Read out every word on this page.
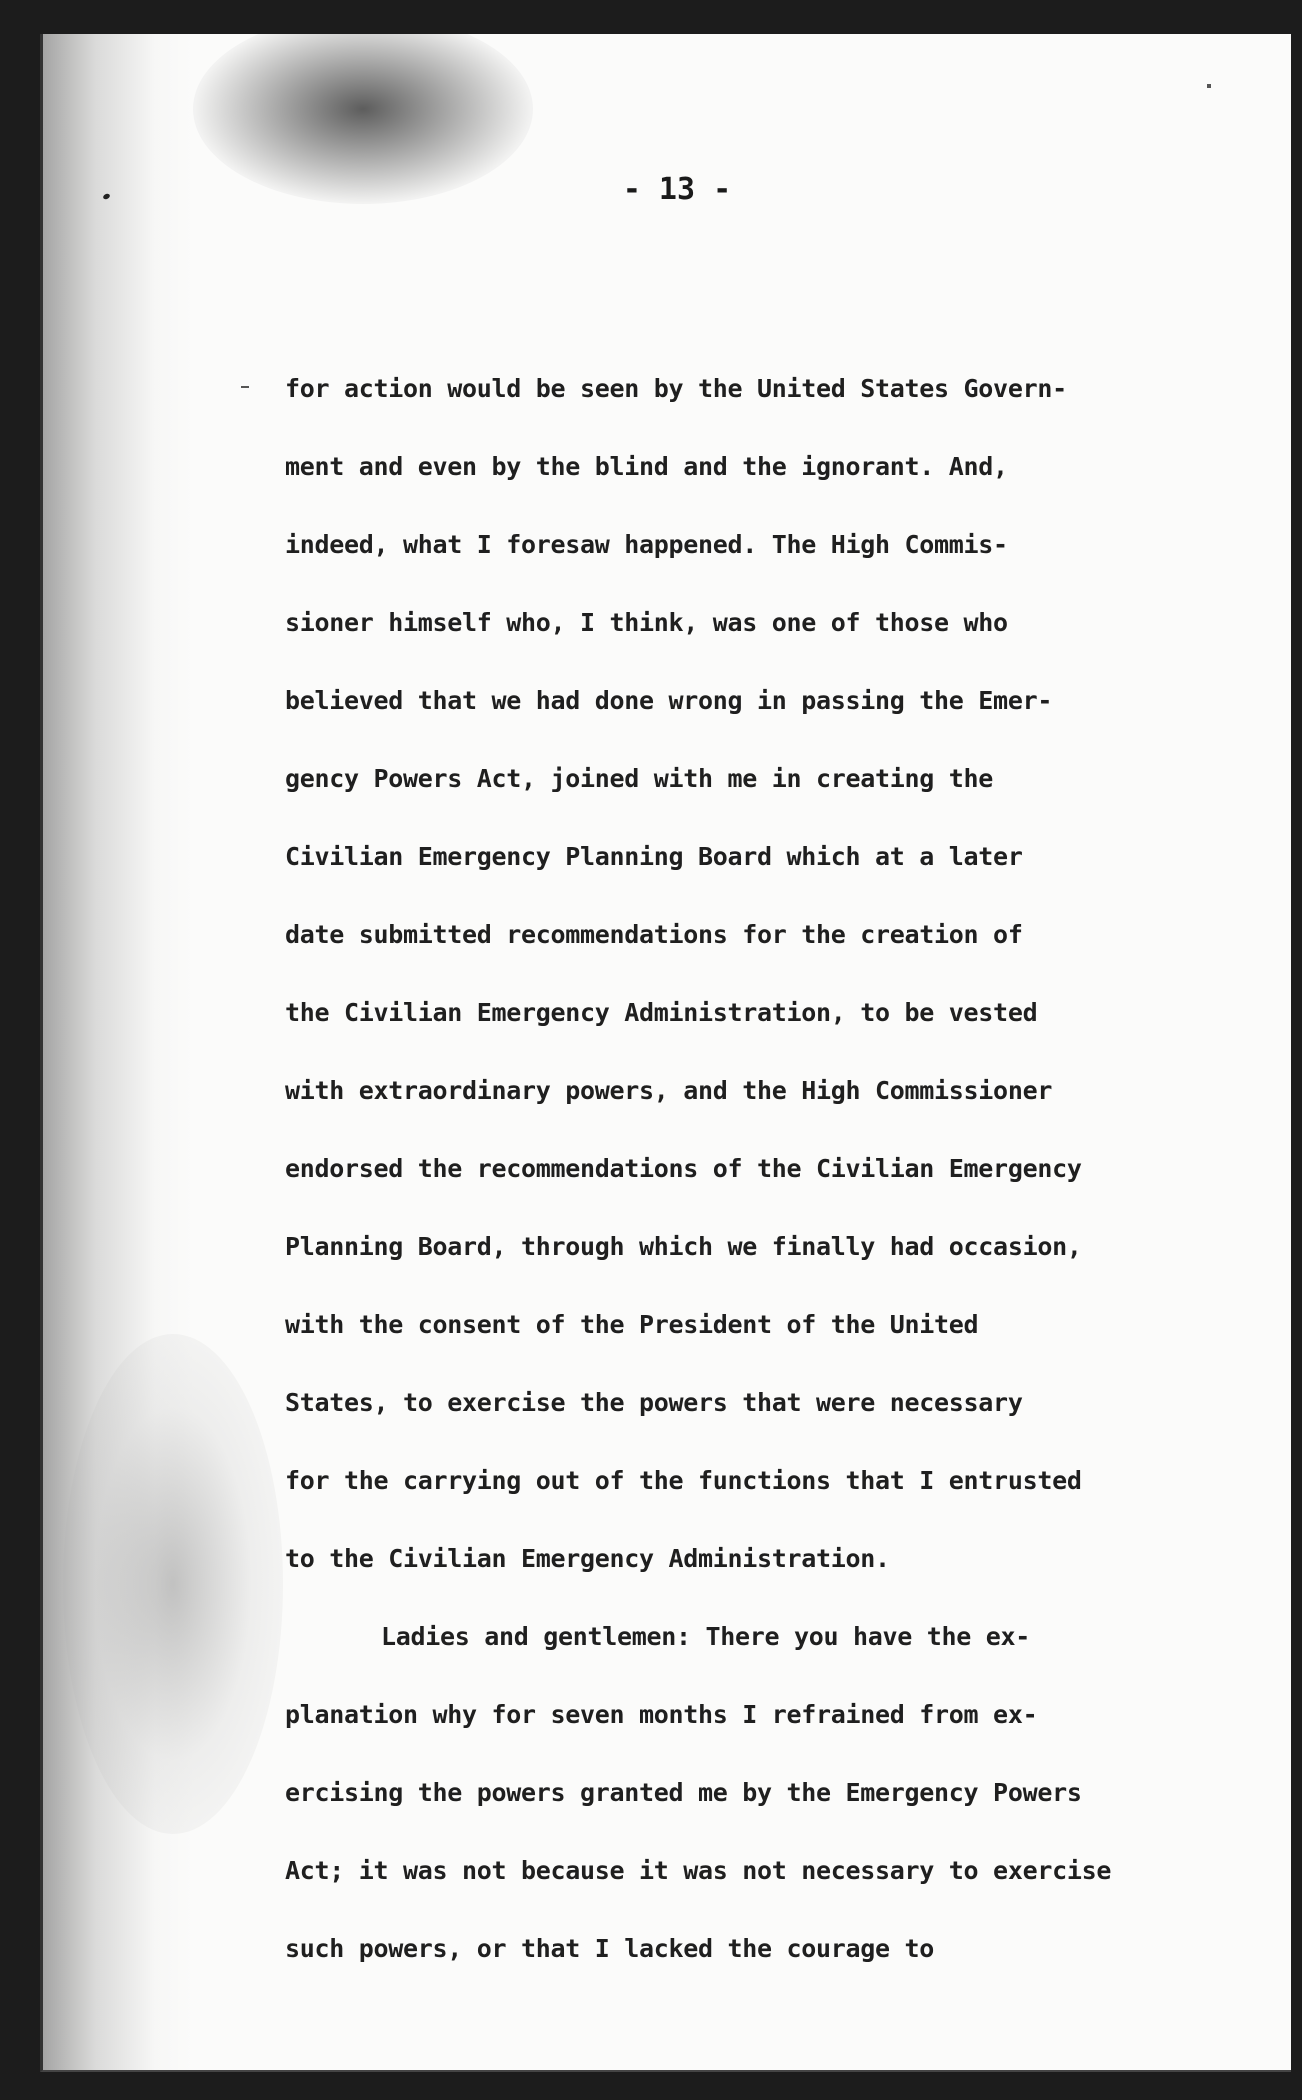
- 13 -
for action would be seen by the United States Govern-
ment and even by the blind and the ignorant. And,
indeed, what I foresaw happened. The High Commis-
sioner himself who, I think, was one of those who
believed that we had done wrong in passing the Emer-
gency Powers Act, joined with me in creating the
Civilian Emergency Planning Board which at a later
date submitted recommendations for the creation of
the Civilian Emergency Administration, to be vested
with extraordinary powers, and the High Commissioner
endorsed the recommendations of the Civilian Emergency
Planning Board, through which we finally had occasion,
with the consent of the President of the United
States, to exercise the powers that were necessary
for the carrying out of the functions that I entrusted
to the Civilian Emergency Administration.
Ladies and gentlemen: There you have the ex-
planation why for seven months I refrained from ex-
ercising the powers granted me by the Emergency Powers
Act; it was not because it was not necessary to exercise
such powers, or that I lacked the courage to
